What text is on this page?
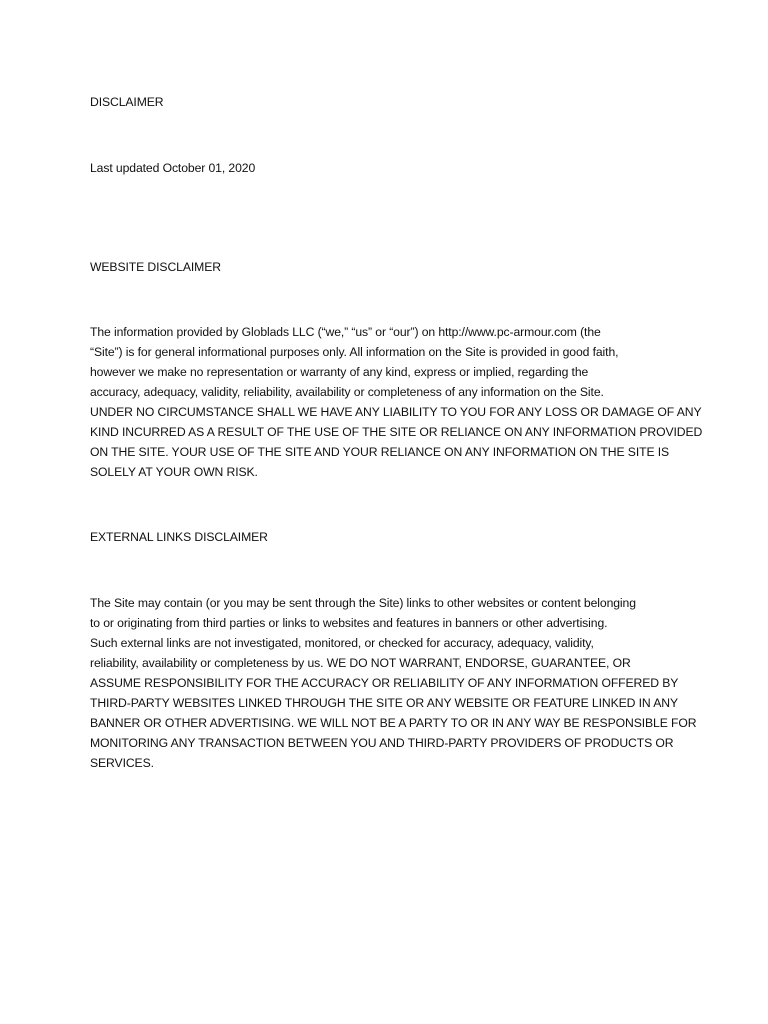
DISCLAIMER

Last updated October 01, 2020

WEBSITE DISCLAIMER

The information provided by Globlads LLC (“we,” “us” or “our”) on http://www.pc-armour.com (the
“Site”) is for general informational purposes only. All information on the Site is provided in good faith,
however we make no representation or warranty of any kind, express or implied, regarding the
accuracy, adequacy, validity, reliability, availability or completeness of any information on the Site.
UNDER NO CIRCUMSTANCE SHALL WE HAVE ANY LIABILITY TO YOU FOR ANY LOSS OR DAMAGE OF ANY
KIND INCURRED AS A RESULT OF THE USE OF THE SITE OR RELIANCE ON ANY INFORMATION PROVIDED
ON THE SITE. YOUR USE OF THE SITE AND YOUR RELIANCE ON ANY INFORMATION ON THE SITE IS
SOLELY AT YOUR OWN RISK.

EXTERNAL LINKS DISCLAIMER

The Site may contain (or you may be sent through the Site) links to other websites or content belonging
to or originating from third parties or links to websites and features in banners or other advertising.
Such external links are not investigated, monitored, or checked for accuracy, adequacy, validity,
reliability, availability or completeness by us. WE DO NOT WARRANT, ENDORSE, GUARANTEE, OR
ASSUME RESPONSIBILITY FOR THE ACCURACY OR RELIABILITY OF ANY INFORMATION OFFERED BY
THIRD-PARTY WEBSITES LINKED THROUGH THE SITE OR ANY WEBSITE OR FEATURE LINKED IN ANY
BANNER OR OTHER ADVERTISING. WE WILL NOT BE A PARTY TO OR IN ANY WAY BE RESPONSIBLE FOR
MONITORING ANY TRANSACTION BETWEEN YOU AND THIRD-PARTY PROVIDERS OF PRODUCTS OR
SERVICES.
